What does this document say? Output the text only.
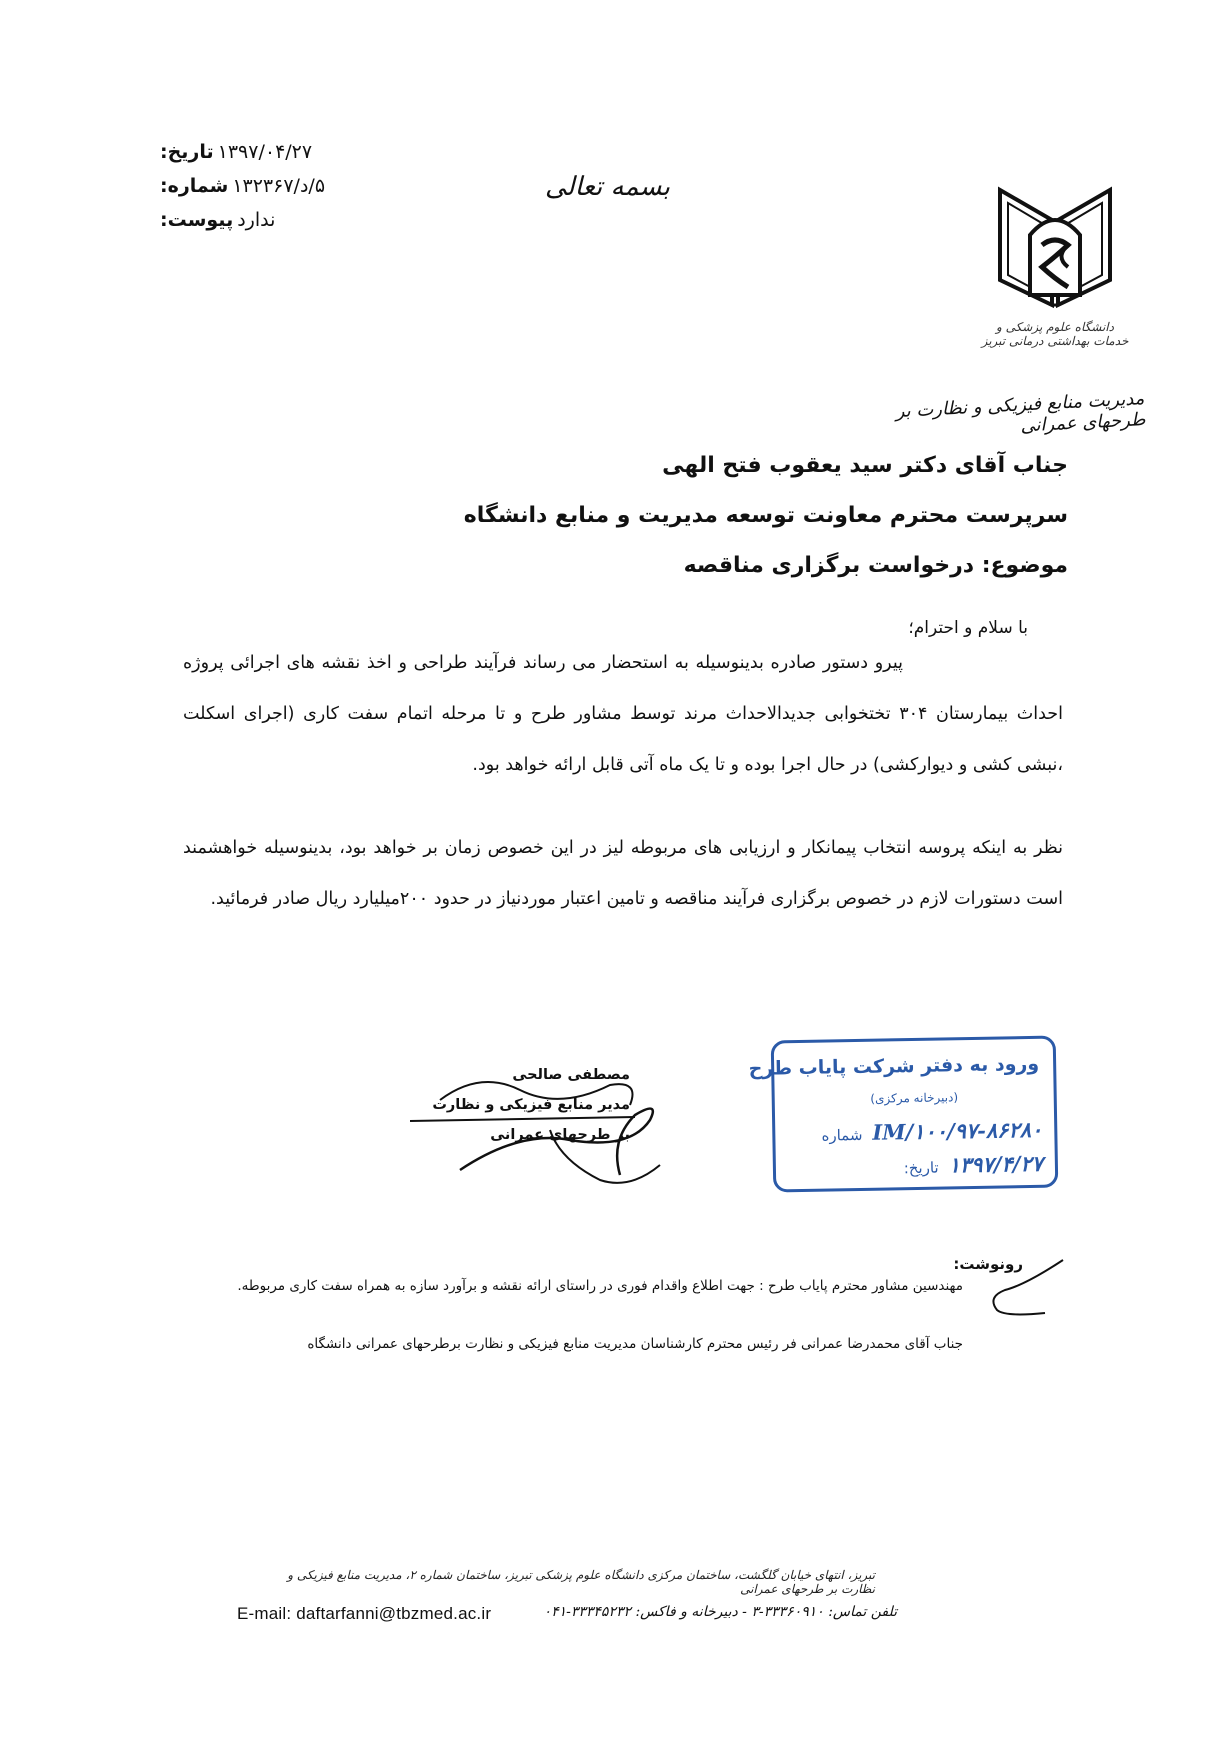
تاریخ: ۱۳۹۷/۰۴/۲۷
شماره: ۵/د/۱۳۲۳۶۷
پیوست: ندارد
بسمه تعالی
دانشگاه علوم پزشکی و خدمات بهداشتی درمانی تبریز
مدیریت منابع فیزیکی و نظارت بر طرحهای عمرانی
جناب آقای دکتر سید یعقوب فتح الهی
سرپرست محترم معاونت توسعه مدیریت و منابع دانشگاه
موضوع: درخواست برگزاری مناقصه
با سلام و احترام؛
پیرو دستور صادره بدینوسیله به استحضار می رساند فرآیند طراحی و اخذ نقشه های اجرائی پروژه احداث بیمارستان ۳۰۴ تختخوابی جدیدالاحداث مرند توسط مشاور طرح و تا مرحله اتمام سفت کاری (اجرای اسکلت ،نبشی کشی و دیوارکشی) در حال اجرا بوده و تا یک ماه آتی قابل ارائه خواهد بود.
نظر به اینکه پروسه انتخاب پیمانکار و ارزیابی های مربوطه لیز در این خصوص زمان بر خواهد بود، بدینوسیله خواهشمند است دستورات لازم در خصوص برگزاری فرآیند مناقصه و تامین اعتبار موردنیاز در حدود ۲۰۰میلیارد ریال صادر فرمائید.
مصطفی صالحی
مدیر منابع فیزیکی و نظارت
بر طرحهای عمرانی
ورود به دفتر شرکت پایاب طرح
(دبیرخانه مرکزی)
شماره IM/۱۰۰/۹۷-۸۶۲۸۰
تاریخ: ۱۳۹۷/۴/۲۷
رونوشت:
مهندسین مشاور محترم پایاب طرح : جهت اطلاع واقدام فوری در راستای ارائه نقشه و برآورد سازه به همراه سفت کاری مربوطه.
جناب آقای محمدرضا عمرانی فر رئیس محترم کارشناسان مدیریت منابع فیزیکی و نظارت برطرحهای عمرانی دانشگاه
تبریز، انتهای خیابان گلگشت، ساختمان مرکزی دانشگاه علوم پزشکی تبریز، ساختمان شماره ۲، مدیریت منابع فیزیکی و نظارت بر طرحهای عمرانی
E-mail: daftarfanni@tbzmed.ac.ir	تلفن تماس: ۳۳۳۶۰۹۱۰-۳ - دبیرخانه و فاکس: ۳۳۳۴۵۲۳۲-۰۴۱
